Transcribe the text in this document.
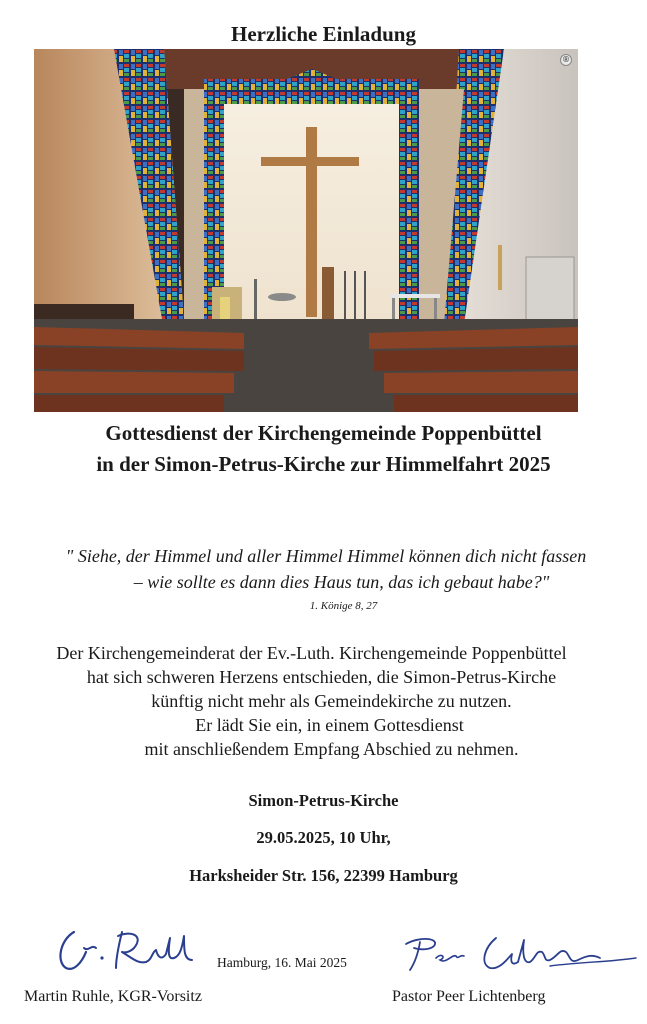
Herzliche Einladung
®
Gottesdienst der Kirchengemeinde Poppenbüttel
in der Simon-Petrus-Kirche zur Himmelfahrt 2025
" Siehe, der Himmel und aller Himmel Himmel können dich nicht fassen
– wie sollte es dann dies Haus tun, das ich gebaut habe?"
1. Könige 8, 27
Der Kirchengemeinderat der Ev.-Luth. Kirchengemeinde Poppenbüttel
hat sich schweren Herzens entschieden, die Simon-Petrus-Kirche
künftig nicht mehr als Gemeindekirche zu nutzen.
Er lädt Sie ein, in einem Gottesdienst
mit anschließendem Empfang Abschied zu nehmen.
Simon-Petrus-Kirche
29.05.2025, 10 Uhr,
Harksheider Str. 156, 22399 Hamburg
Hamburg, 16. Mai 2025
Martin Ruhle, KGR-Vorsitz	Pastor Peer Lichtenberg
